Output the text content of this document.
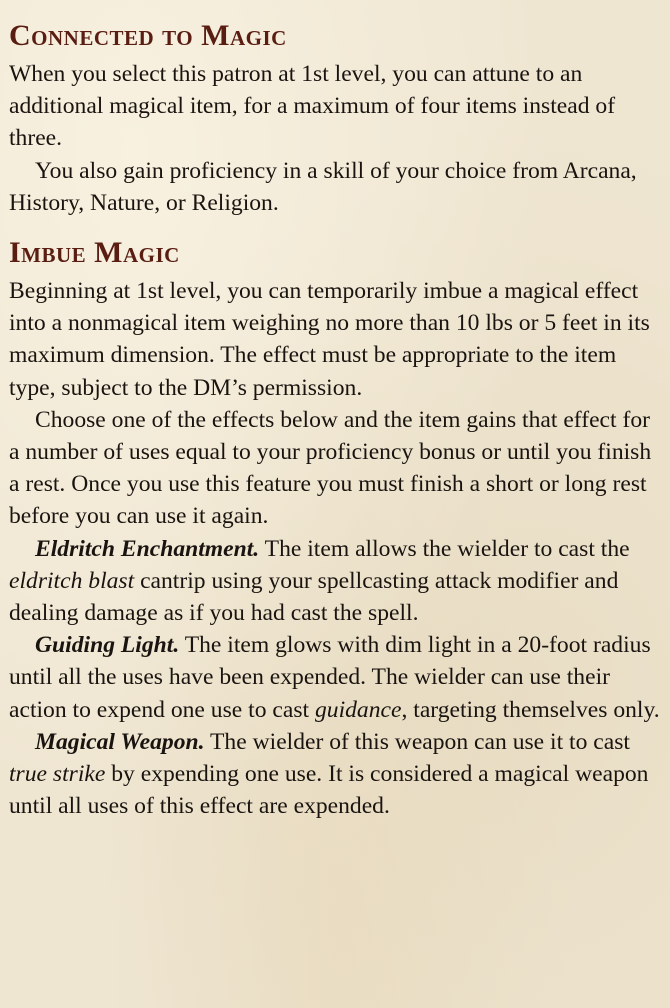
Connected to Magic

When you select this patron at 1st level, you can attune to an additional magical item, for a maximum of four items instead of three.

You also gain proficiency in a skill of your choice from Arcana, History, Nature, or Religion.

Imbue Magic

Beginning at 1st level, you can temporarily imbue a magical effect into a nonmagical item weighing no more than 10 lbs or 5 feet in its maximum dimension. The effect must be appropriate to the item type, subject to the DM’s permission.

Choose one of the effects below and the item gains that effect for a number of uses equal to your proficiency bonus or until you finish a rest. Once you use this feature you must finish a short or long rest before you can use it again.

Eldritch Enchantment. The item allows the wielder to cast the eldritch blast cantrip using your spellcasting attack modifier and dealing damage as if you had cast the spell.

Guiding Light. The item glows with dim light in a 20-foot radius until all the uses have been expended. The wielder can use their action to expend one use to cast guidance, targeting themselves only.

Magical Weapon. The wielder of this weapon can use it to cast true strike by expending one use. It is considered a magical weapon until all uses of this effect are expended.
